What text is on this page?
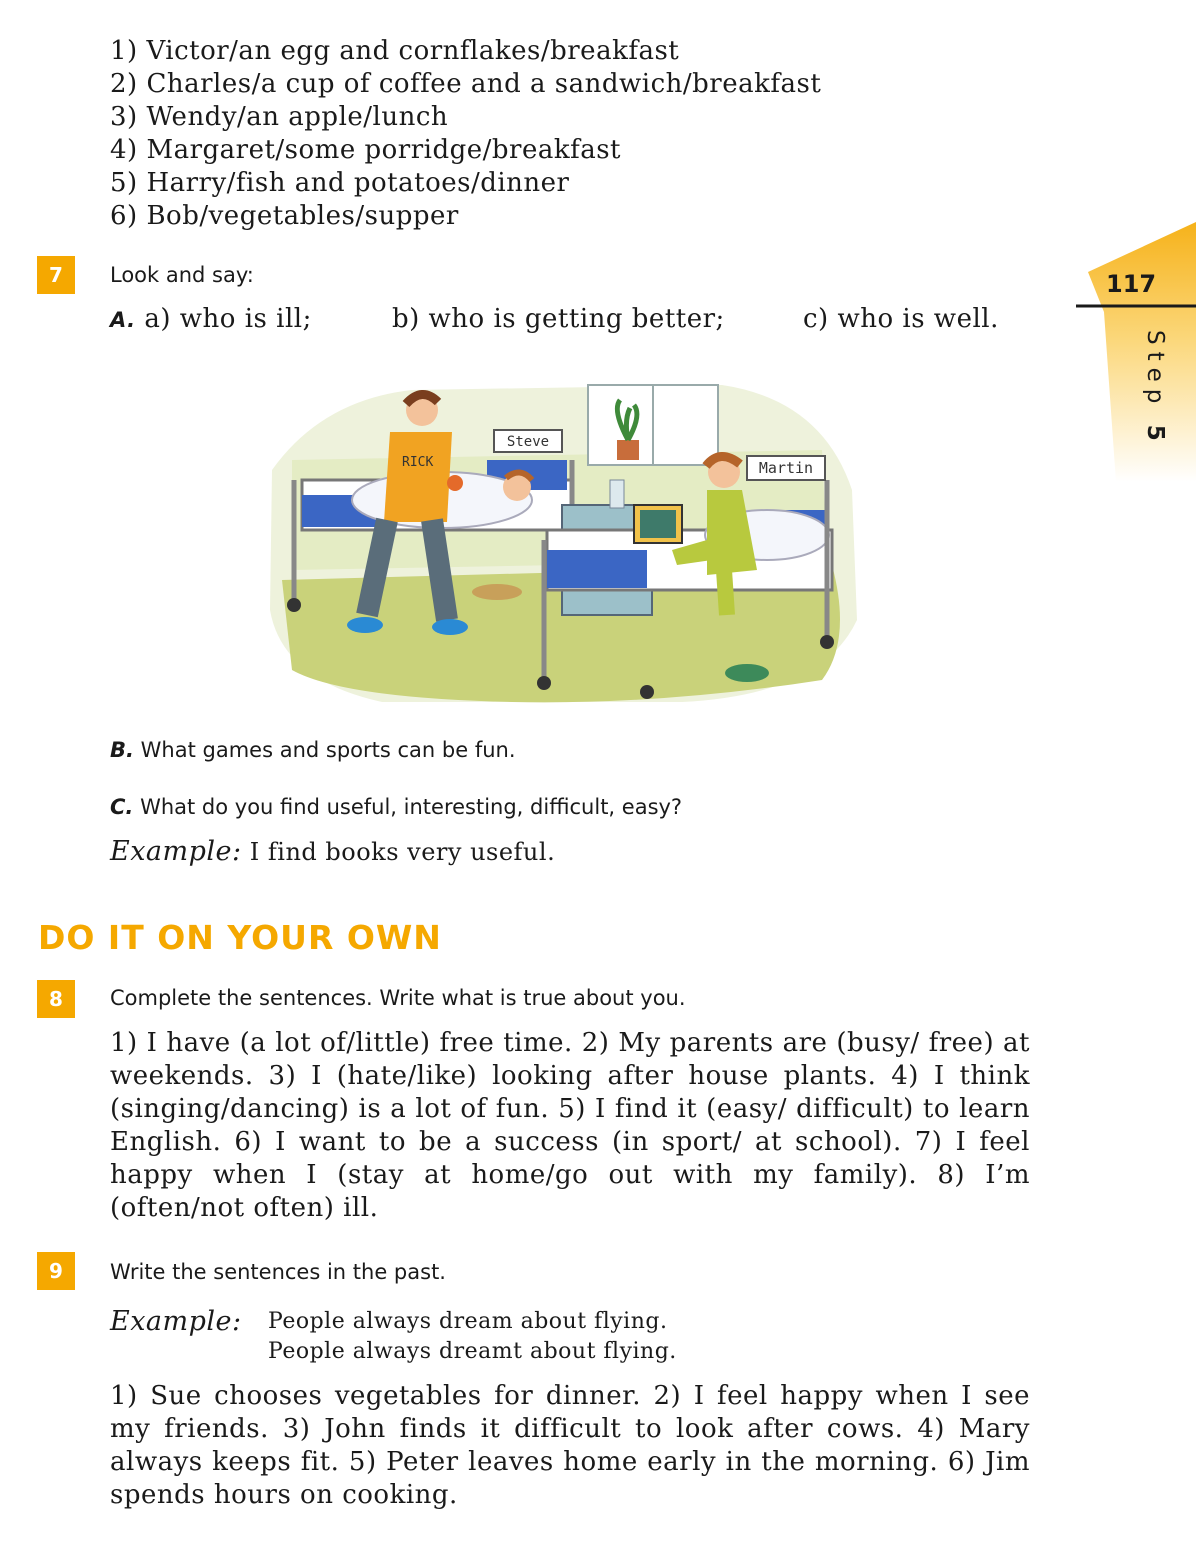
1) Victor/an egg and cornflakes/breakfast
2) Charles/a cup of coffee and a sandwich/breakfast
3) Wendy/an apple/lunch
4) Margaret/some porridge/breakfast
5) Harry/fish and potatoes/dinner
6) Bob/vegetables/supper
117
Step 5
7	Look and say:
A. a) who is ill;	b) who is getting better;	c) who is well.
Steve
Martin
RICK
B. What games and sports can be fun.
C. What do you find useful, interesting, difficult, easy?
Example: I find books very useful.
DO IT ON YOUR OWN
8	Complete the sentences. Write what is true about you.
1) I have (a lot of/little) free time. 2) My parents are (busy/ free) at weekends. 3) I (hate/like) looking after house plants. 4) I think (singing/dancing) is a lot of fun. 5) I find it (easy/ difficult) to learn English. 6) I want to be a success (in sport/ at school). 7) I feel happy when I (stay at home/go out with my family). 8) I’m (often/not often) ill.
9	Write the sentences in the past.
Example: People always dream about flying.
People always dreamt about flying.
1) Sue chooses vegetables for dinner. 2) I feel happy when I see my friends. 3) John finds it difficult to look after cows. 4) Mary always keeps fit. 5) Peter leaves home early in the morning. 6) Jim spends hours on cooking.
